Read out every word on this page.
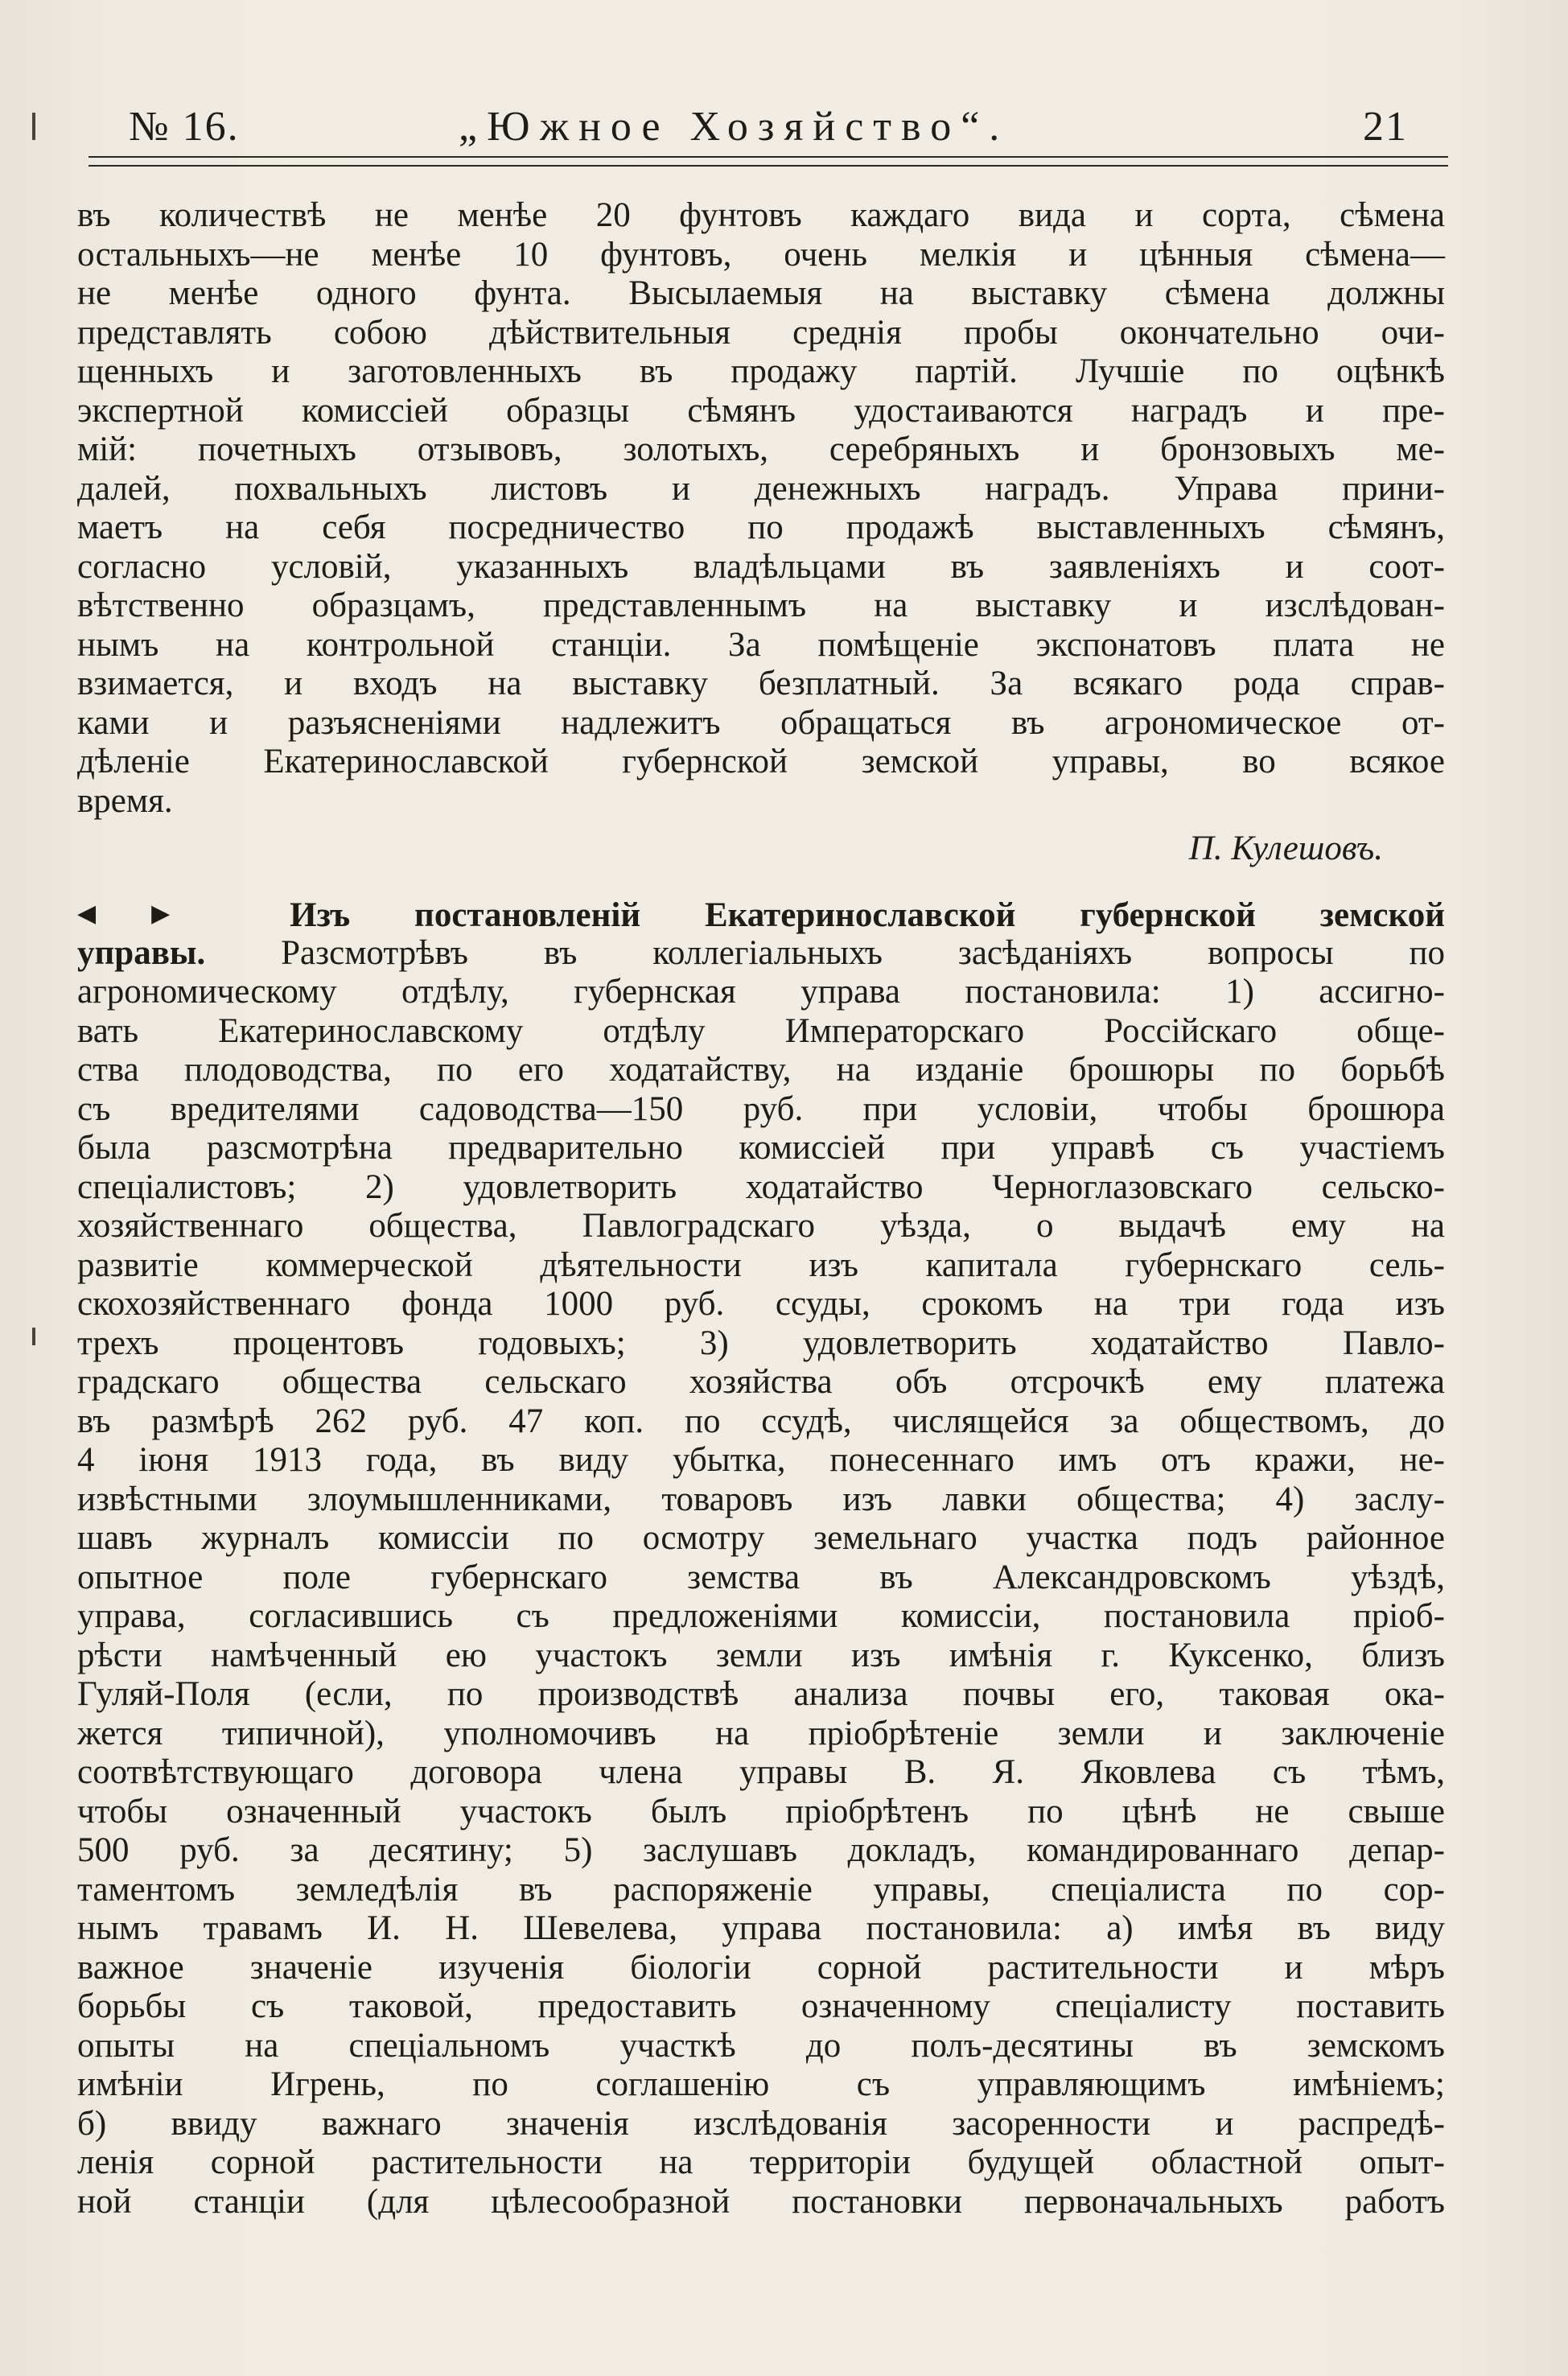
№ 16.	„Южное Хозяйство“.	21
въ количествѣ не менѣе 20 фунтовъ каждаго вида и сорта, сѣмена
остальныхъ—не менѣе 10 фунтовъ, очень мелкія и цѣнныя сѣмена—
не менѣе одного фунта. Высылаемыя на выставку сѣмена должны
представлять собою дѣйствительныя среднія пробы окончательно очи-
щенныхъ и заготовленныхъ въ продажу партій. Лучшіе по оцѣнкѣ
экспертной комиссіей образцы сѣмянъ удостаиваются наградъ и пре-
мій: почетныхъ отзывовъ, золотыхъ, серебряныхъ и бронзовыхъ ме-
далей, похвальныхъ листовъ и денежныхъ наградъ. Управа прини-
маетъ на себя посредничество по продажѣ выставленныхъ сѣмянъ,
согласно условій, указанныхъ владѣльцами въ заявленіяхъ и соот-
вѣтственно образцамъ, представленнымъ на выставку и изслѣдован-
нымъ на контрольной станціи. За помѣщеніе экспонатовъ плата не
взимается, и входъ на выставку безплатный. За всякаго рода справ-
ками и разъясненіями надлежитъ обращаться въ агрономическое от-
дѣленіе Екатеринославской губернской земской управы, во всякое
время.
П. Кулешовъ.
◀▶ Изъ постановленій Екатеринославской губернской земской
управы. Разсмотрѣвъ въ коллегіальныхъ засѣданіяхъ вопросы по
агрономическому отдѣлу, губернская управа постановила: 1) ассигно-
вать Екатеринославскому отдѣлу Императорскаго Россійскаго обще-
ства плодоводства, по его ходатайству, на изданіе брошюры по борьбѣ
съ вредителями садоводства—150 руб. при условіи, чтобы брошюра
была разсмотрѣна предварительно комиссіей при управѣ съ участіемъ
спеціалистовъ; 2) удовлетворить ходатайство Черноглазовскаго сельско-
хозяйственнаго общества, Павлоградскаго уѣзда, о выдачѣ ему на
развитіе коммерческой дѣятельности изъ капитала губернскаго сель-
скохозяйственнаго фонда 1000 руб. ссуды, срокомъ на три года изъ
трехъ процентовъ годовыхъ; 3) удовлетворить ходатайство Павло-
градскаго общества сельскаго хозяйства объ отсрочкѣ ему платежа
въ размѣрѣ 262 руб. 47 коп. по ссудѣ, числящейся за обществомъ, до
4 іюня 1913 года, въ виду убытка, понесеннаго имъ отъ кражи, не-
извѣстными злоумышленниками, товаровъ изъ лавки общества; 4) заслу-
шавъ журналъ комиссіи по осмотру земельнаго участка подъ районное
опытное поле губернскаго земства въ Александровскомъ уѣздѣ,
управа, согласившись съ предложеніями комиссіи, постановила пріоб-
рѣсти намѣченный ею участокъ земли изъ имѣнія г. Куксенко, близъ
Гуляй-Поля (если, по производствѣ анализа почвы его, таковая ока-
жется типичной), уполномочивъ на пріобрѣтеніе земли и заключеніе
соотвѣтствующаго договора члена управы В. Я. Яковлева съ тѣмъ,
чтобы означенный участокъ былъ пріобрѣтенъ по цѣнѣ не свыше
500 руб. за десятину; 5) заслушавъ докладъ, командированнаго депар-
таментомъ земледѣлія въ распоряженіе управы, спеціалиста по сор-
нымъ травамъ И. Н. Шевелева, управа постановила: а) имѣя въ виду
важное значеніе изученія біологіи сорной растительности и мѣръ
борьбы съ таковой, предоставить означенному спеціалисту поставить
опыты на спеціальномъ участкѣ до полъ-десятины въ земскомъ
имѣніи Игрень, по соглашенію съ управляющимъ имѣніемъ;
б) ввиду важнаго значенія изслѣдованія засоренности и распредѣ-
ленія сорной растительности на территоріи будущей областной опыт-
ной станціи (для цѣлесообразной постановки первоначальныхъ работъ
